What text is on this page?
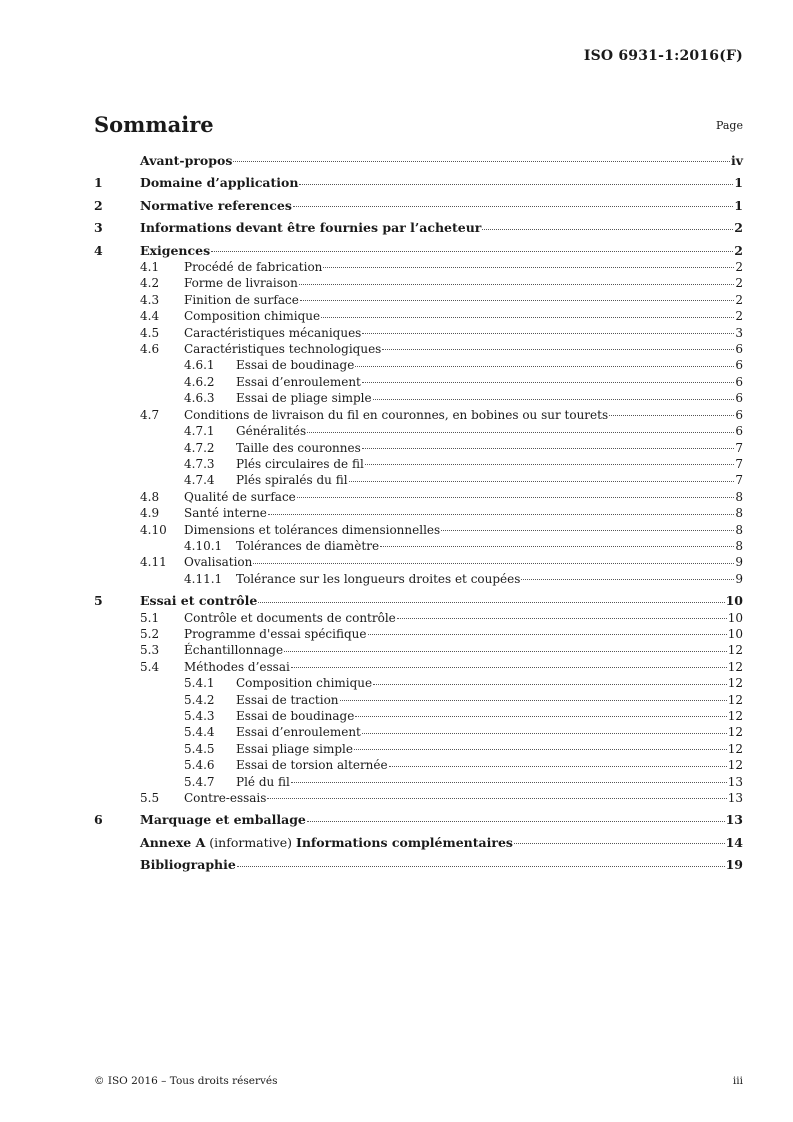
ISO 6931-1:2016(F)
Sommaire	Page
Avant-propos	iv
1	Domaine d’application	1
2	Normative references	1
3	Informations devant être fournies par l’acheteur	2
4	Exigences	2
4.1	Procédé de fabrication	2
4.2	Forme de livraison	2
4.3	Finition de surface	2
4.4	Composition chimique	2
4.5	Caractéristiques mécaniques	3
4.6	Caractéristiques technologiques	6
4.6.1	Essai de boudinage	6
4.6.2	Essai d’enroulement	6
4.6.3	Essai de pliage simple	6
4.7	Conditions de livraison du fil en couronnes, en bobines ou sur tourets	6
4.7.1	Généralités	6
4.7.2	Taille des couronnes	7
4.7.3	Plés circulaires de fil	7
4.7.4	Plés spiralés du fil	7
4.8	Qualité de surface	8
4.9	Santé interne	8
4.10	Dimensions et tolérances dimensionnelles	8
4.10.1	Tolérances de diamètre	8
4.11	Ovalisation	9
4.11.1	Tolérance sur les longueurs droites et coupées	9
5	Essai et contrôle	10
5.1	Contrôle et documents de contrôle	10
5.2	Programme d'essai spécifique	10
5.3	Échantillonnage	12
5.4	Méthodes d’essai	12
5.4.1	Composition chimique	12
5.4.2	Essai de traction	12
5.4.3	Essai de boudinage	12
5.4.4	Essai d’enroulement	12
5.4.5	Essai pliage simple	12
5.4.6	Essai de torsion alternée	12
5.4.7	Plé du fil	13
5.5	Contre-essais	13
6	Marquage et emballage	13
Annexe A (informative) Informations complémentaires	14
Bibliographie	19
© ISO 2016 – Tous droits réservés	iii
